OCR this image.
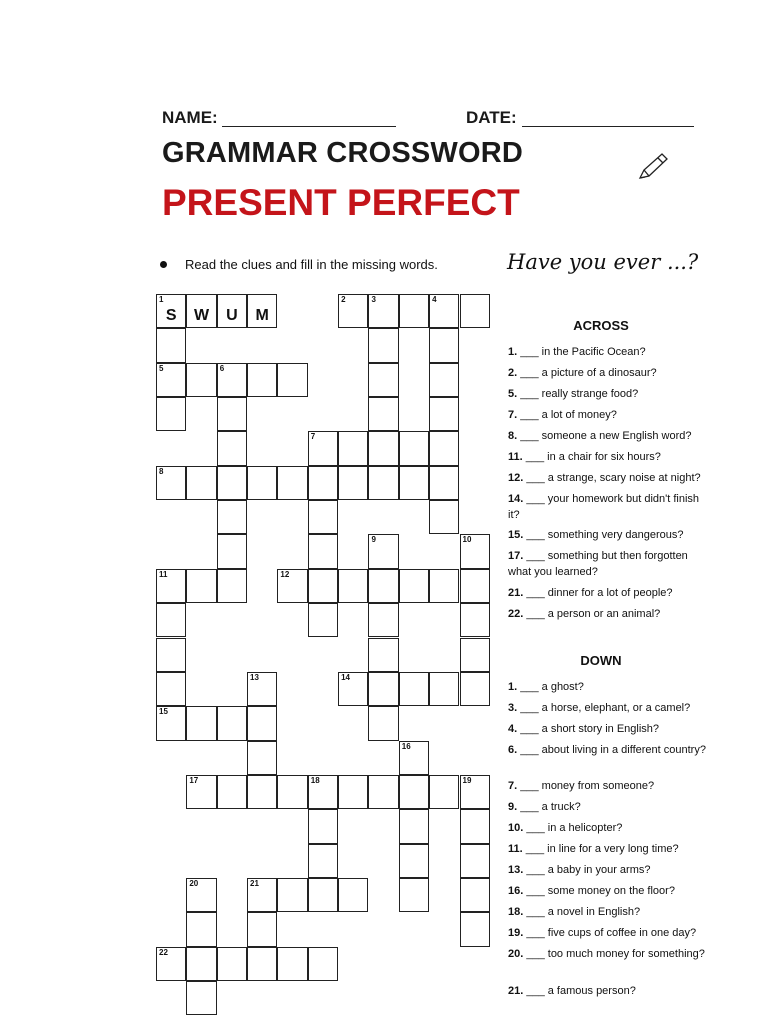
NAME:	DATE:
GRAMMAR CROSSWORD
PRESENT PERFECT
Read the clues and fill in the missing words.	Have you ever ...?
1	2	3	4
5	6
7
8
9	10
11	12
13	14
15
16
17	18	19
20	21
22
S	W	U	M
ACROSS
1. ___ in the Pacific Ocean?
2. ___ a picture of a dinosaur?
5. ___ really strange food?
7. ___ a lot of money?
8. ___ someone a new English word?
11. ___ in a chair for six hours?
12. ___ a strange, scary noise at night?
14. ___ your homework but didn't finish it?
15. ___ something very dangerous?
17. ___ something but then forgotten what you learned?
21. ___ dinner for a lot of people?
22. ___ a person or an animal?
DOWN
1. ___ a ghost?
3. ___ a horse, elephant, or a camel?
4. ___ a short story in English?
6. ___ about living in a different country?
7. ___ money from someone?
9. ___ a truck?
10. ___ in a helicopter?
11. ___ in line for a very long time?
13. ___ a baby in your arms?
16. ___ some money on the floor?
18. ___ a novel in English?
19. ___ five cups of coffee in one day?
20. ___ too much money for something?
21. ___ a famous person?
